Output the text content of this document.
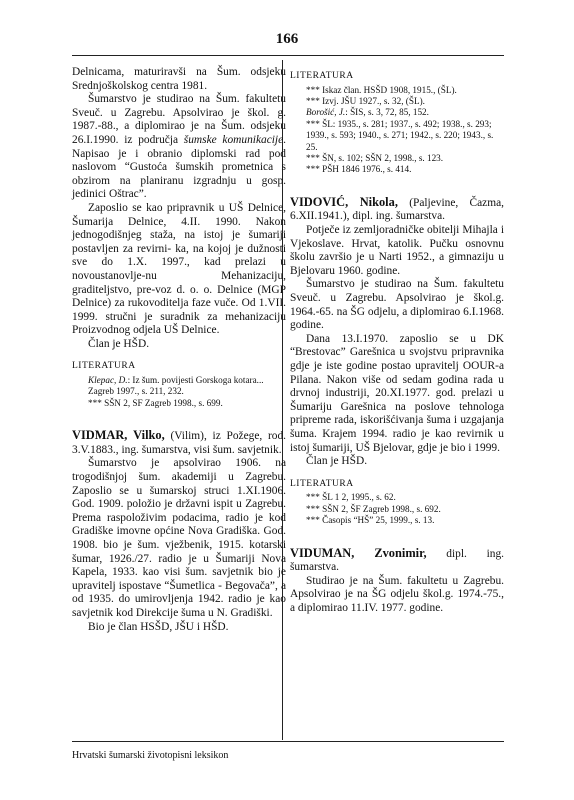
166

Delnicama, maturiravši na Šum. odsjeku Srednjoškolskog centra 1981.

Šumarstvo je studirao na Šum. fakultetu Sveuč. u Zagrebu. Apsolvirao je škol. g. 1987.-88., a diplomirao je na Šum. odsjeku 26.I.1990. iz područja šumske komunikacije. Napisao je i obranio diplomski rad pod naslovom “Gustoća šumskih prometnica s obzirom na planiranu izgradnju u gosp. jedinici Oštrac”.

Zaposlio se kao pripravnik u UŠ Delnice, Šumarija Delnice, 4.II. 1990. Nakon jednogodišnjeg staža, na istoj je šumariji postavljen za revirni- ka, na kojoj je dužnosti sve do 1.X. 1997., kad prelazi u novoustanovlje-nu Mehanizaciju, graditeljstvo, pre-voz d. o. o. Delnice (MGP Delnice) za rukovoditelja faze vuče. Od 1.VII. 1999. stručni je suradnik za mehanizaciju Proizvodnog odjela UŠ Delnice.

Član je HŠD.

LITERATURA
Klepac, D.: Iz šum. povijesti Gorskoga kotara... Zagreb 1997., s. 211, 232.
*** SŠN 2, SF Zagreb 1998., s. 699.

VIDMAR, Vilko, (Vilim), iz Požege, rod. 3.V.1883., ing. šumarstva, visi šum. savjetnik.

Šumarstvo je apsolvirao 1906. na trogodišnjoj šum. akademiji u Zagrebu. Zaposlio se u šumarskoj struci 1.XI.1906. God. 1909. položio je državni ispit u Zagrebu. Prema raspoloživim podacima, radio je kod Gradiške imovne općine Nova Gradiška. God. 1908. bio je šum. vježbenik, 1915. kotarski šumar, 1926./27. radio je u Šumariji Nova Kapela, 1933. kao visi šum. savjetnik bio je upravitelj ispostave “Šumetlica - Begovača”, a od 1935. do umirovljenja 1942. radio je kao savjetnik kod Direkcije šuma u N. Gradiški.

Bio je član HSŠD, JŠU i HŠD.

LITERATURA
*** Iskaz član. HSŠD 1908, 1915., (ŠL).
*** Izvj. JŠU 1927., s. 32, (ŠL).
Borošić, J.: ŠIS, s. 3, 72, 85, 152.
*** ŠL: 1935., s. 281; 1937., s. 492; 1938., s. 293; 1939., s. 593; 1940., s. 271; 1942., s. 220; 1943., s. 25.
*** ŠN, s. 102; SŠN 2, 1998., s. 123.
*** PŠH 1846 1976., s. 414.

VIDOVIĆ, Nikola, (Paljevine, Čazma, 6.XII.1941.), dipl. ing. šumarstva.

Potječe iz zemljoradničke obitelji Mihajla i Vjekoslave. Hrvat, katolik. Pučku osnovnu školu završio je u Narti 1952., a gimnaziju u Bjelovaru 1960. godine.

Šumarstvo je studirao na Šum. fakultetu Sveuč. u Zagrebu. Apsolvirao je škol.g. 1964.-65. na ŠG odjelu, a diplomirao 6.I.1968. godine.

Dana 13.I.1970. zaposlio se u DK “Brestovac” Garešnica u svojstvu pripravnika gdje je iste godine postao upravitelj OOUR-a Pilana. Nakon više od sedam godina rada u drvnoj industriji, 20.XI.1977. god. prelazi u Šumariju Garešnica na poslove tehnologa pripreme rada, iskorišćivanja šuma i uzgajanja šuma. Krajem 1994. radio je kao revirnik u istoj šumariji, UŠ Bjelovar, gdje je bio i 1999.

Član je HŠD.

LITERATURA
*** ŠL 1 2, 1995., s. 62.
*** SŠN 2, ŠF Zagreb 1998., s. 692.
*** Časopis “HŠ” 25, 1999., s. 13.

VIDUMAN, Zvonimir, dipl. ing. šumarstva.

Studirao je na Šum. fakultetu u Zagrebu. Apsolvirao je na ŠG odjelu škol.g. 1974.-75., a diplomirao 11.IV. 1977. godine.

Hrvatski šumarski životopisni leksikon
